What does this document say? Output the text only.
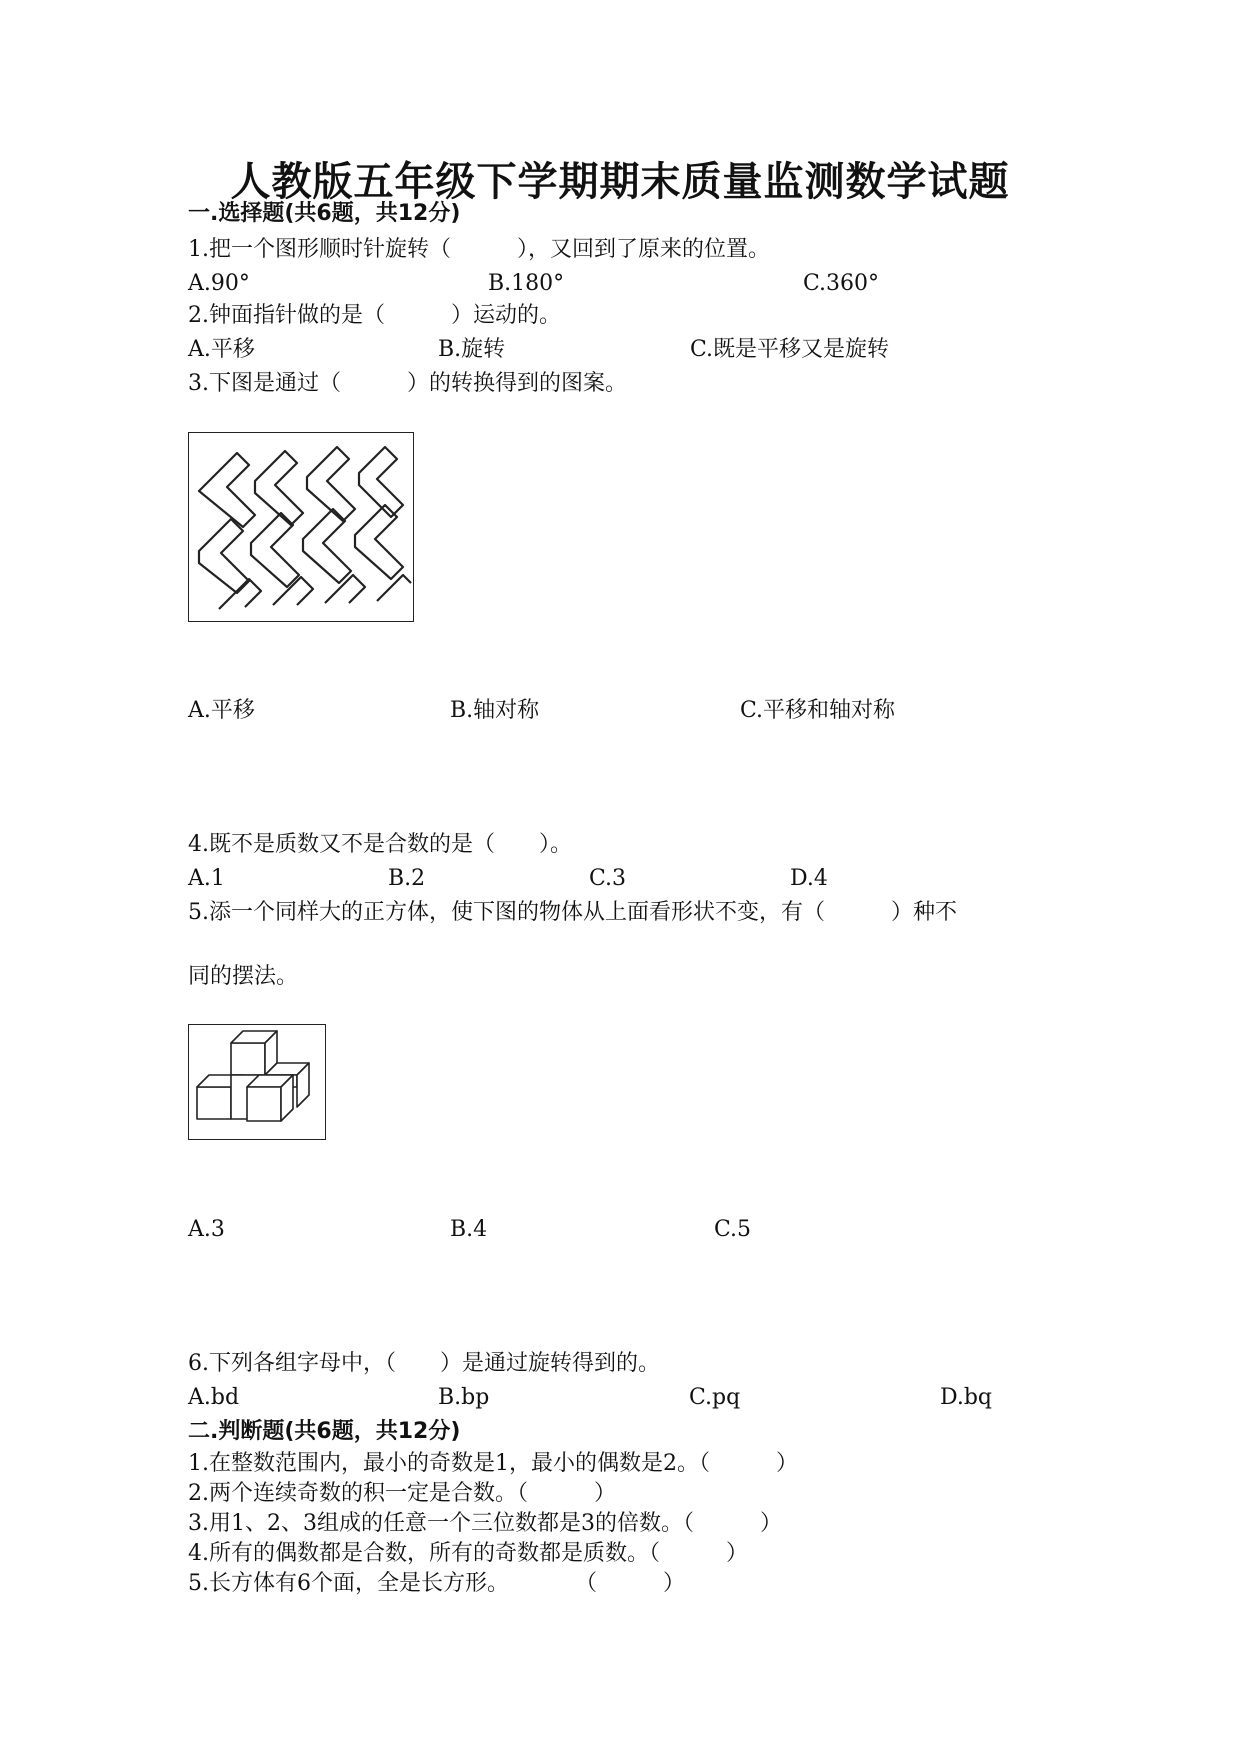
人教版五年级下学期期末质量监测数学试题
一.选择题(共6题，共12分)
1.把一个图形顺时针旋转（　　　），又回到了原来的位置。
A.90°	B.180°	C.360°
2.钟面指针做的是（　　　）运动的。
A.平移	B.旋转	C.既是平移又是旋转
3.下图是通过（　　　）的转换得到的图案。
A.平移	B.轴对称	C.平移和轴对称
4.既不是质数又不是合数的是（　　）。
A.1	B.2	C.3	D.4
5.添一个同样大的正方体，使下图的物体从上面看形状不变，有（　　　）种不
同的摆法。
A.3	B.4	C.5
6.下列各组字母中，（　　）是通过旋转得到的。
A.bd	B.bp	C.pq	D.bq
二.判断题(共6题，共12分)
1.在整数范围内，最小的奇数是1，最小的偶数是2。（　　　）
2.两个连续奇数的积一定是合数。（　　　）
3.用1、2、3组成的任意一个三位数都是3的倍数。（　　　）
4.所有的偶数都是合数，所有的奇数都是质数。（　　　）
5.长方体有6个面，全是长方形。　　　　（　　　）
